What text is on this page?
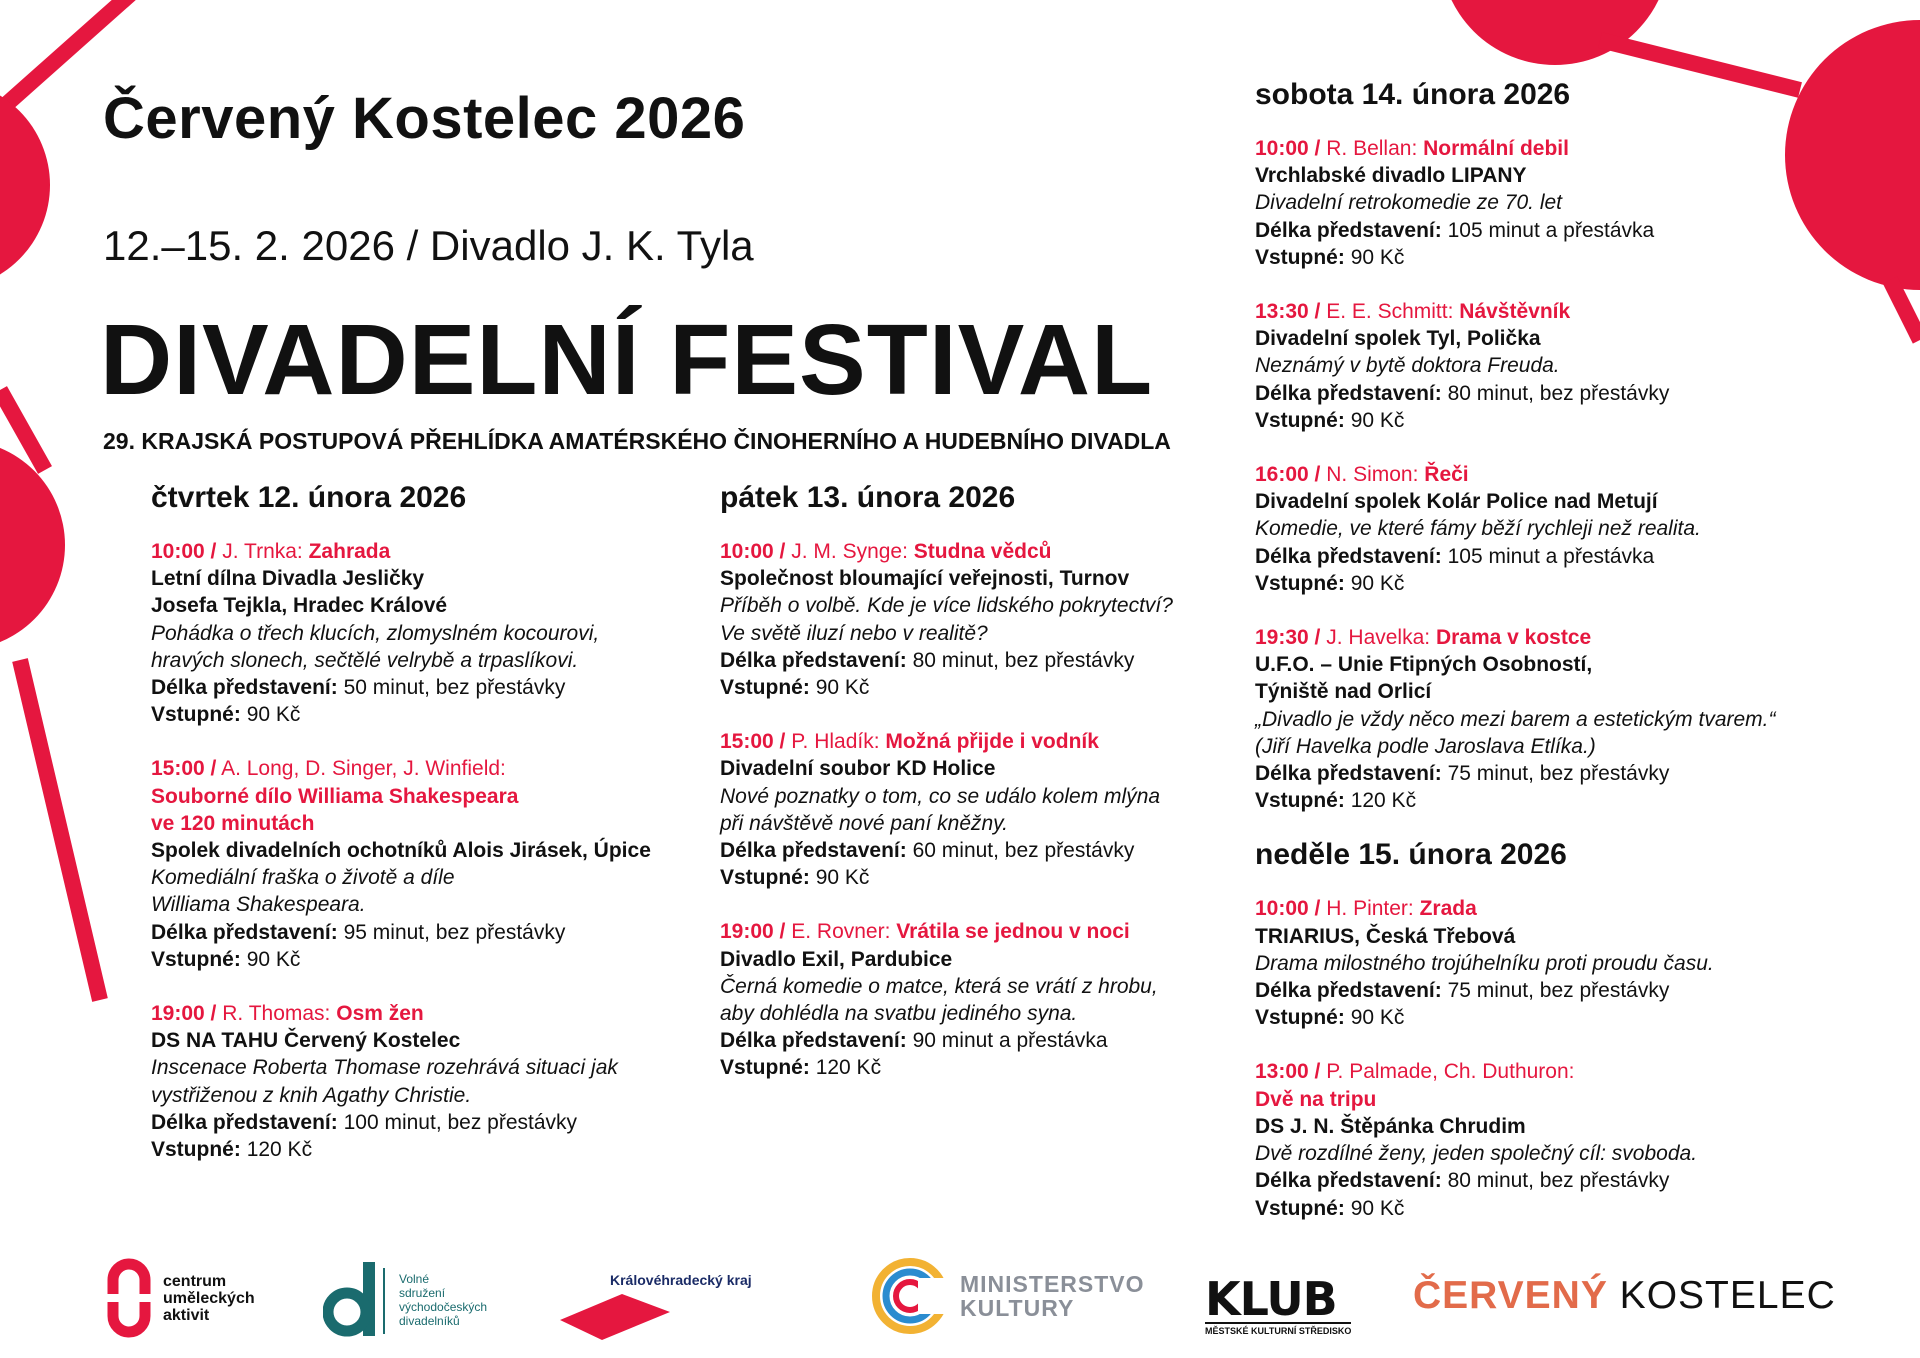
Červený Kostelec 2026
12.–15. 2. 2026 / Divadlo J. K. Tyla
DIVADELNÍ FESTIVAL
29. KRAJSKÁ POSTUPOVÁ PŘEHLÍDKA AMATÉRSKÉHO ČINOHERNÍHO A HUDEBNÍHO DIVADLA
čtvrtek 12. února 2026
10:00 / J. Trnka: Zahrada
Letní dílna Divadla Jesličky
Josefa Tejkla, Hradec Králové
Pohádka o třech klucích, zlomyslném kocourovi,
hravých slonech, sečtělé velrybě a trpaslíkovi.
Délka představení: 50 minut, bez přestávky
Vstupné: 90 Kč
15:00 / A. Long, D. Singer, J. Winfield:
Souborné dílo Williama Shakespeara
ve 120 minutách
Spolek divadelních ochotníků Alois Jirásek, Úpice
Komediální fraška o životě a díle
Williama Shakespeara.
Délka představení: 95 minut, bez přestávky
Vstupné: 90 Kč
19:00 / R. Thomas: Osm žen
DS NA TAHU Červený Kostelec
Inscenace Roberta Thomase rozehrává situaci jak
vystřiženou z knih Agathy Christie.
Délka představení: 100 minut, bez přestávky
Vstupné: 120 Kč
pátek 13. února 2026
10:00 / J. M. Synge: Studna vědců
Společnost bloumající veřejnosti, Turnov
Příběh o volbě. Kde je více lidského pokrytectví?
Ve světě iluzí nebo v realitě?
Délka představení: 80 minut, bez přestávky
Vstupné: 90 Kč
15:00 / P. Hladík: Možná přijde i vodník
Divadelní soubor KD Holice
Nové poznatky o tom, co se událo kolem mlýna
při návštěvě nové paní kněžny.
Délka představení: 60 minut, bez přestávky
Vstupné: 90 Kč
19:00 / E. Rovner: Vrátila se jednou v noci
Divadlo Exil, Pardubice
Černá komedie o matce, která se vrátí z hrobu,
aby dohlédla na svatbu jediného syna.
Délka představení: 90 minut a přestávka
Vstupné: 120 Kč
sobota 14. února 2026
10:00 / R. Bellan: Normální debil
Vrchlabské divadlo LIPANY
Divadelní retrokomedie ze 70. let
Délka představení: 105 minut a přestávka
Vstupné: 90 Kč
13:30 / E. E. Schmitt: Návštěvník
Divadelní spolek Tyl, Polička
Neznámý v bytě doktora Freuda.
Délka představení: 80 minut, bez přestávky
Vstupné: 90 Kč
16:00 / N. Simon: Řeči
Divadelní spolek Kolár Police nad Metují
Komedie, ve které fámy běží rychleji než realita.
Délka představení: 105 minut a přestávka
Vstupné: 90 Kč
19:30 / J. Havelka: Drama v kostce
U.F.O. – Unie Ftipných Osobností,
Týniště nad Orlicí
„Divadlo je vždy něco mezi barem a estetickým tvarem.“
(Jiří Havelka podle Jaroslava Etlíka.)
Délka představení: 75 minut, bez přestávky
Vstupné: 120 Kč
neděle 15. února 2026
10:00 / H. Pinter: Zrada
TRIARIUS, Česká Třebová
Drama milostného trojúhelníku proti proudu času.
Délka představení: 75 minut, bez přestávky
Vstupné: 90 Kč
13:00 / P. Palmade, Ch. Duthuron:
Dvě na tripu
DS J. N. Štěpánka Chrudim
Dvě rozdílné ženy, jeden společný cíl: svoboda.
Délka představení: 80 minut, bez přestávky
Vstupné: 90 Kč
centrum
uměleckých
aktivit
Volné
sdružení
východočeských
divadelníků
Královéhradecký kraj	MINISTERSTVO
KULTURY	KLUB
MĚSTSKÉ KULTURNÍ STŘEDISKO
ČERVENÝ KOSTELEC
